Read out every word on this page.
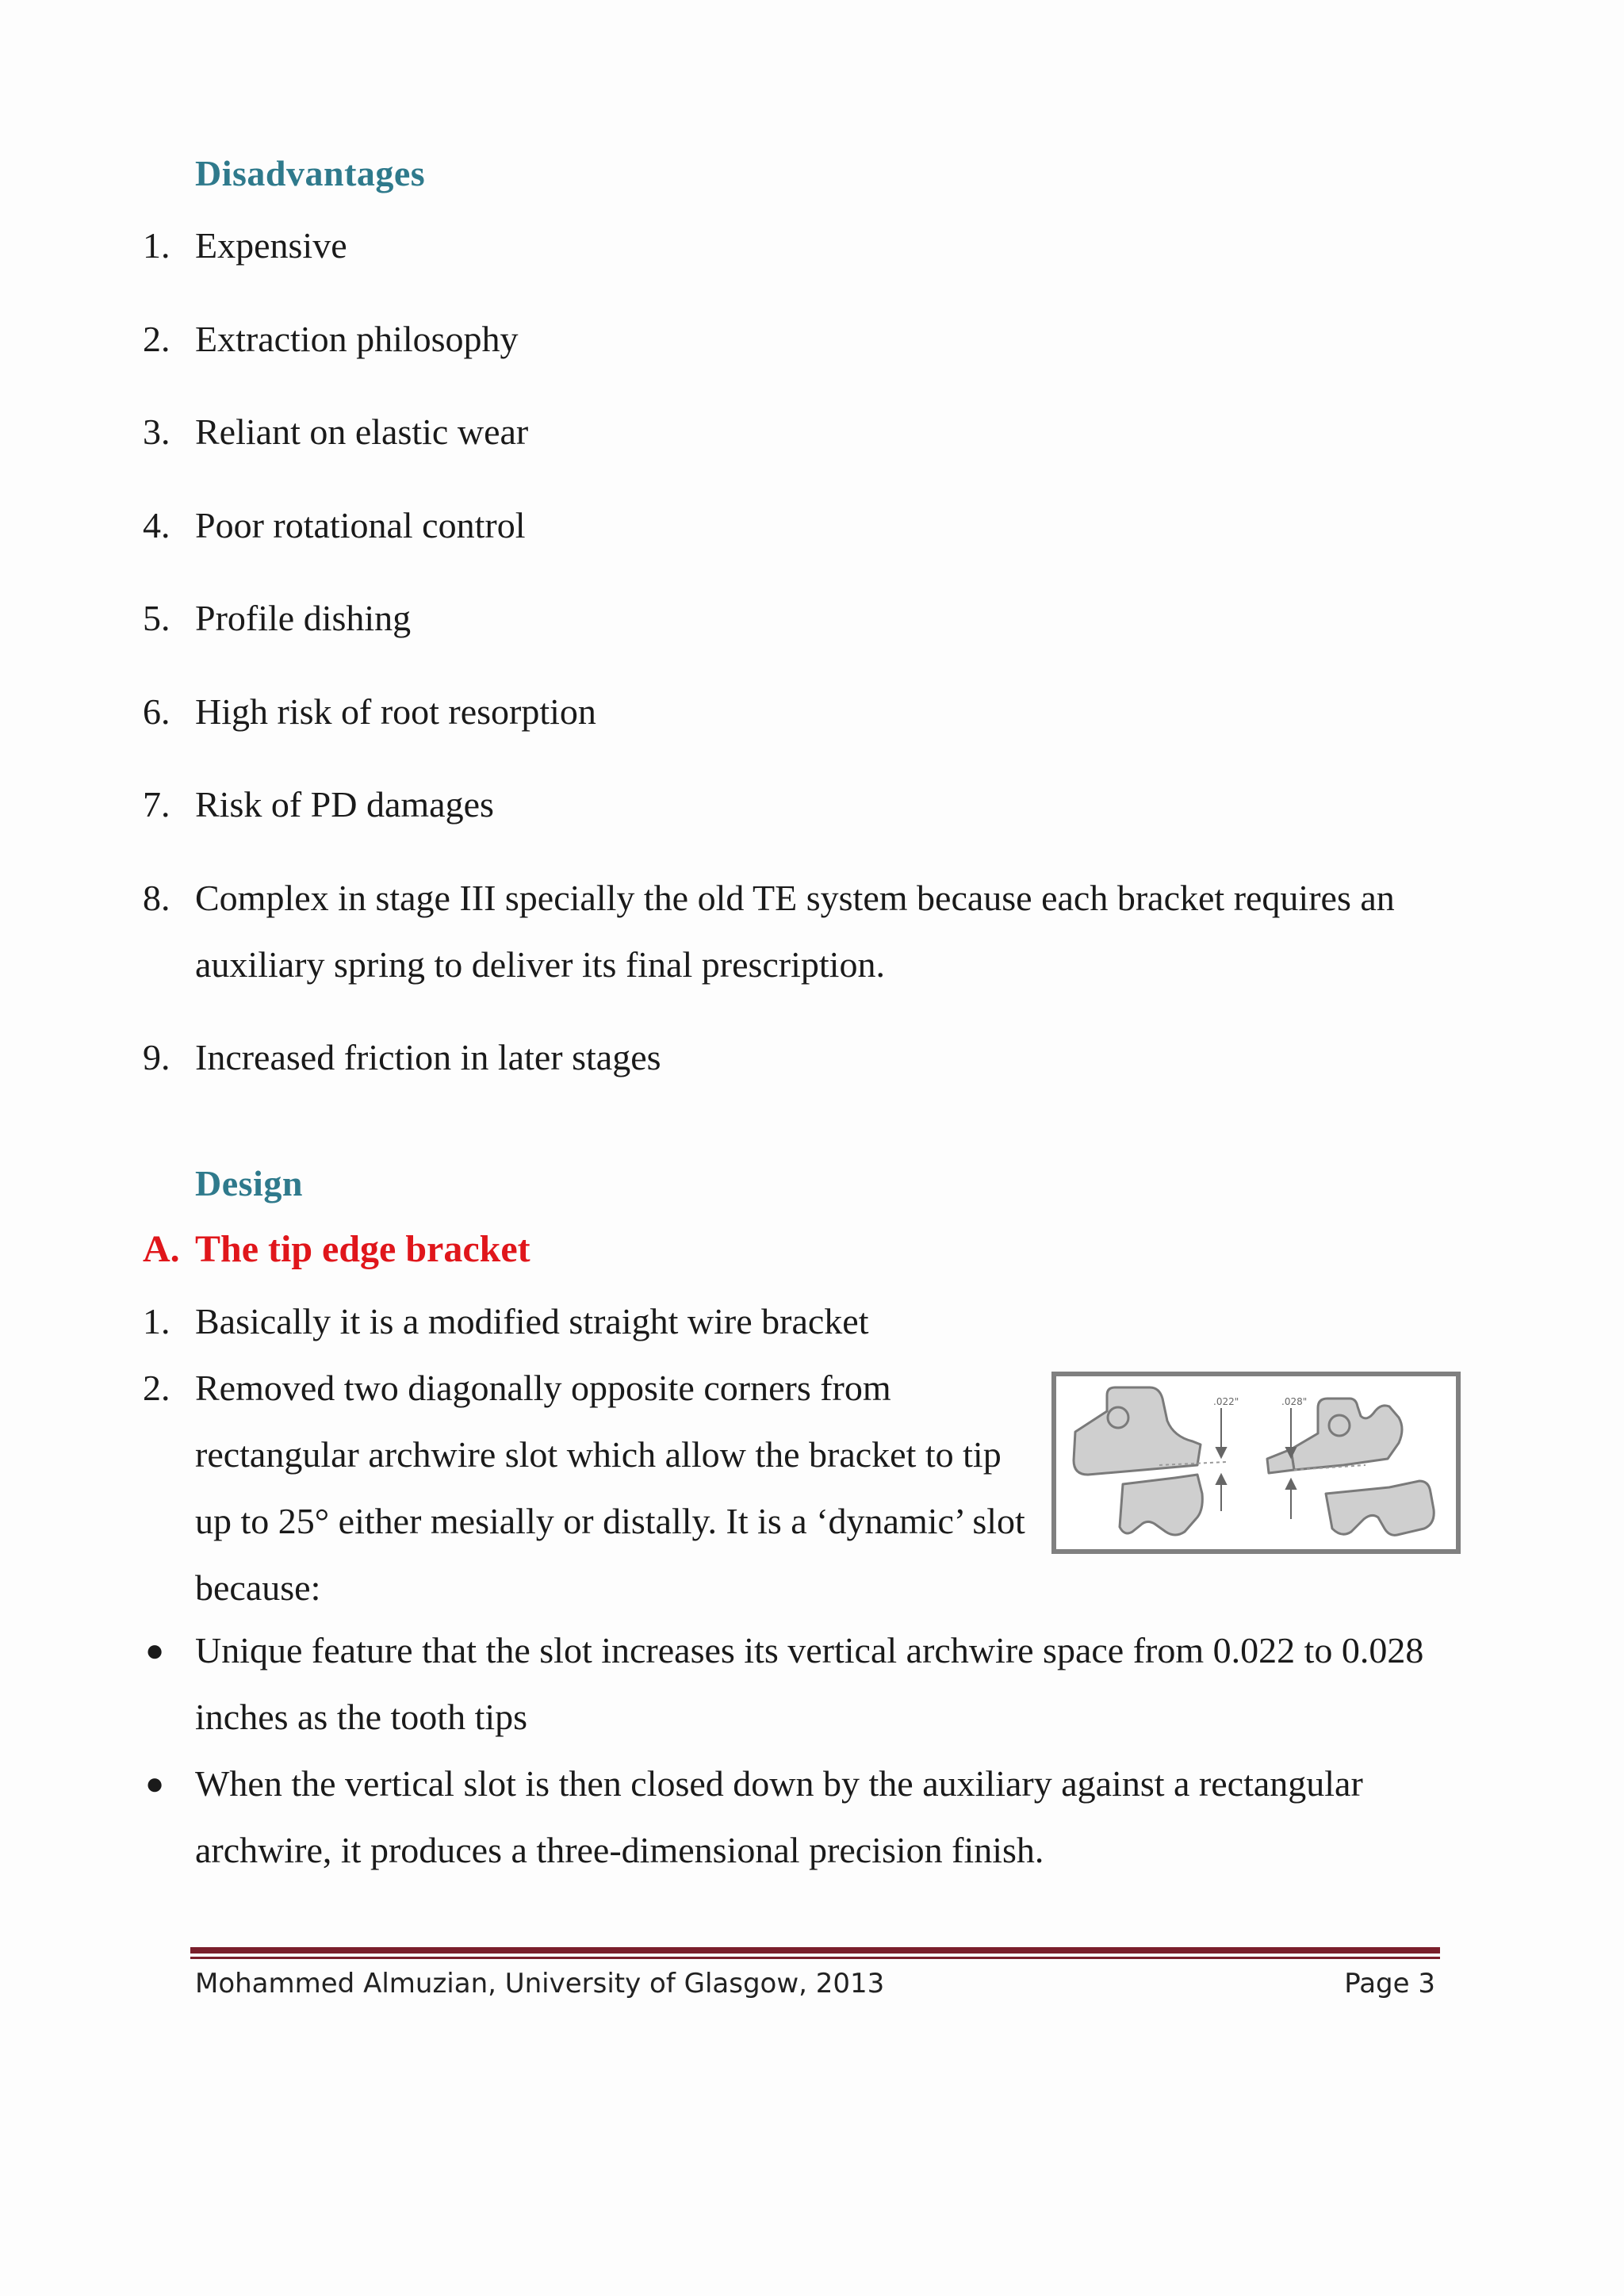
Disadvantages
1. Expensive
2. Extraction philosophy
3. Reliant on elastic wear
4. Poor rotational control
5. Profile dishing
6. High risk of root resorption
7. Risk of PD damages
8. Complex in stage III specially the old TE system because each bracket requires an auxiliary spring to deliver its final prescription.
9. Increased friction in later stages
Design
A. The tip edge bracket
1. Basically it is a modified straight wire bracket
2. Removed two diagonally opposite corners from rectangular archwire slot which allow the bracket to tip up to 25° either mesially or distally. It is a ‘dynamic’ slot because:
.022"	.028"
● Unique feature that the slot increases its vertical archwire space from 0.022 to 0.028 inches as the tooth tips
● When the vertical slot is then closed down by the auxiliary against a rectangular archwire, it produces a three-dimensional precision finish.
Mohammed Almuzian, University of Glasgow, 2013	Page 3
